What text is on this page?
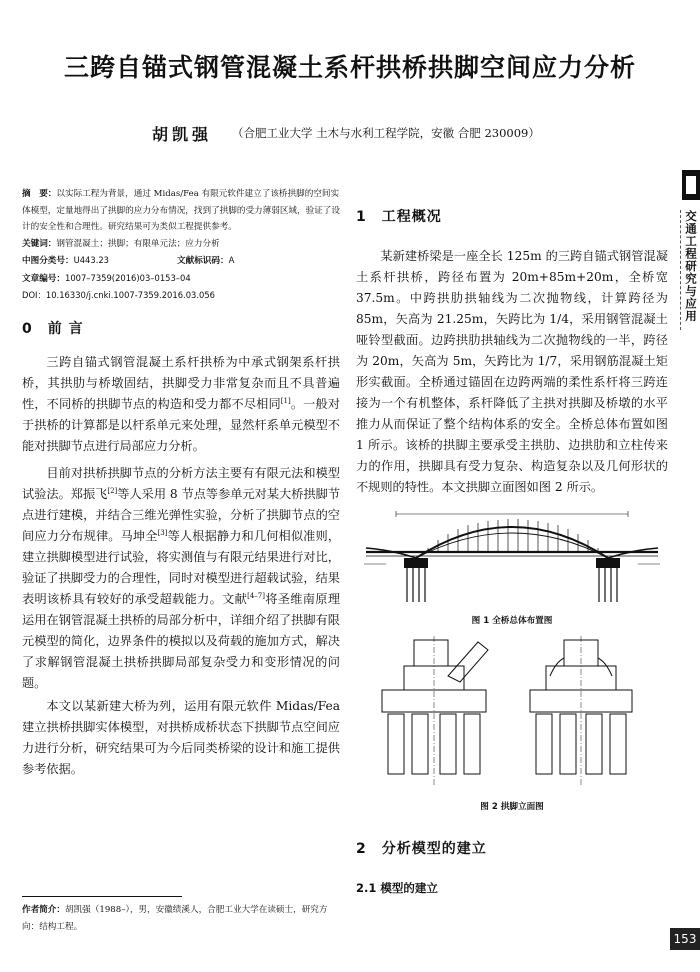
三跨自锚式钢管混凝土系杆拱桥拱脚空间应力分析
胡凯强 （合肥工业大学 土木与水利工程学院，安徽 合肥 230009）
摘　要：以实际工程为背景，通过 Midas/Fea 有限元软件建立了该桥拱脚的空间实体模型，定量地得出了拱脚的应力分布情况，找到了拱脚的受力薄弱区域，验证了设计的安全性和合理性。研究结果可为类似工程提供参考。
关键词：钢管混凝土；拱脚；有限单元法；应力分析
中图分类号：U443.23	文献标识码：A
文章编号：1007–7359(2016)03–0153–04
DOI：10.16330/j.cnki.1007-7359.2016.03.056
0　前 言

三跨自锚式钢管混凝土系杆拱桥为中承式钢架系杆拱桥，其拱肋与桥墩固结，拱脚受力非常复杂而且不具普遍性，不同桥的拱脚节点的构造和受力都不尽相同[1]。一般对于拱桥的计算都是以杆系单元来处理，显然杆系单元模型不能对拱脚节点进行局部应力分析。

目前对拱桥拱脚节点的分析方法主要有有限元法和模型试验法。郑振飞[2]等人采用 8 节点等参单元对某大桥拱脚节点进行建模，并结合三维光弹性实验，分析了拱脚节点的空间应力分布规律。马坤全[3]等人根据静力和几何相似准则，建立拱脚模型进行试验，将实测值与有限元结果进行对比，验证了拱脚受力的合理性，同时对模型进行超载试验，结果表明该桥具有较好的承受超载能力。文献[4–7]将圣维南原理运用在钢管混凝土拱桥的局部分析中，详细介绍了拱脚有限元模型的简化，边界条件的模拟以及荷载的施加方式，解决了求解钢管混凝土拱桥拱脚局部复杂受力和变形情况的问题。

本文以某新建大桥为列，运用有限元软件 Midas/Fea 建立拱桥拱脚实体模型，对拱桥成桥状态下拱脚节点空间应力进行分析，研究结果可为今后同类桥梁的设计和施工提供参考依据。

作者简介：胡凯强（1988–），男，安徽绩溪人，合肥工业大学在读硕士，研究方向：结构工程。
1　工程概况

某新建桥梁是一座全长 125m 的三跨自锚式钢管混凝土系杆拱桥，跨径布置为 20m+85m+20m，全桥宽 37.5m。中跨拱肋拱轴线为二次抛物线，计算跨径为 85m，矢高为 21.25m，矢跨比为 1/4，采用钢管混凝土哑铃型截面。边跨拱肋拱轴线为二次抛物线的一半，跨径为 20m，矢高为 5m，矢跨比为 1/7，采用钢筋混凝土矩形实截面。全桥通过锚固在边跨两端的柔性系杆将三跨连接为一个有机整体，系杆降低了主拱对拱脚及桥墩的水平推力从而保证了整个结构体系的安全。全桥总体布置如图 1 所示。该桥的拱脚主要承受主拱肋、边拱肋和立柱传来力的作用，拱脚具有受力复杂、构造复杂以及几何形状的不规则的特性。本文拱脚立面图如图 2 所示。

图 1 全桥总体布置图
图 2 拱脚立面图
2　分析模型的建立
2.1 模型的建立
交通工程研究与应用
153
